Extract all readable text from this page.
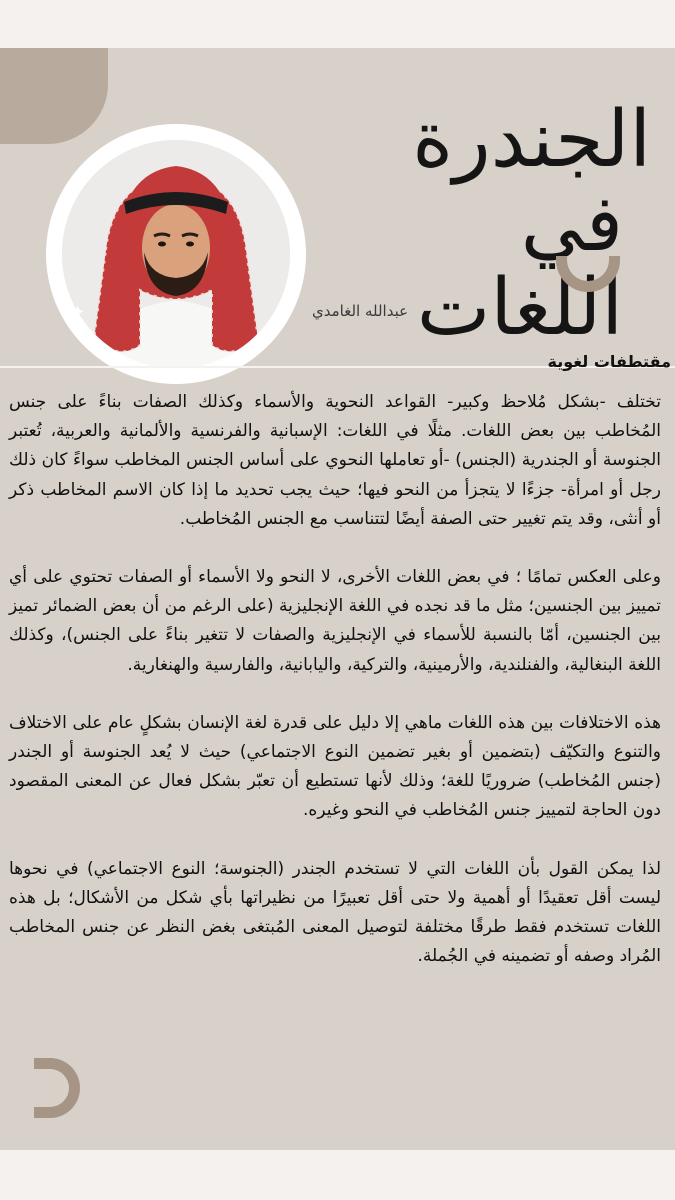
✦
الجندرة
في اللغات
عبدالله الغامدي
مقتطفات لغوية

تختلف -بشكل مُلاحظ وكبير- القواعد النحوية والأسماء وكذلك الصفات بناءً على جنس المُخاطب بين بعض اللغات. مثلًا في اللغات: الإسبانية والفرنسية والألمانية والعربية، تُعتبر الجنوسة أو الجندرية (الجنس) -أو تعاملها النحوي على أساس الجنس المخاطب سواءً كان ذلك رجل أو امرأة- جزءًا لا يتجزأ من النحو فيها؛ حيث يجب تحديد ما إذا كان الاسم المخاطب ذكر أو أنثى، وقد يتم تغيير حتى الصفة أيضًا لتتناسب مع الجنس المُخاطب.

وعلى العكس تمامًا ؛ في بعض اللغات الأخرى، لا النحو ولا الأسماء أو الصفات تحتوي على أي تمييز بين الجنسين؛ مثل ما قد نجده في اللغة الإنجليزية (على الرغم من أن بعض الضمائر تميز بين الجنسين، أمّا بالنسبة للأسماء في الإنجليزية والصفات لا تتغير بناءً على الجنس)، وكذلك اللغة البنغالية، والفنلندية، والأرمينية، والتركية، واليابانية، والفارسية والهنغارية.

هذه الاختلافات بين هذه اللغات ماهي إلا دليل على قدرة لغة الإنسان بشكلٍ عام على الاختلاف والتنوع والتكيّف (بتضمين أو بغير تضمين النوع الاجتماعي) حيث لا يُعد الجنوسة أو الجندر (جنس المُخاطب) ضروريًا للغة؛ وذلك لأنها تستطيع أن تعبّر بشكل فعال عن المعنى المقصود دون الحاجة لتمييز جنس المُخاطب في النحو وغيره.

لذا يمكن القول بأن اللغات التي لا تستخدم الجندر (الجنوسة؛ النوع الاجتماعي) في نحوها ليست أقل تعقيدًا أو أهمية ولا حتى أقل تعبيرًا من نظيراتها بأي شكل من الأشكال؛ بل هذه اللغات تستخدم فقط طرقًا مختلفة لتوصيل المعنى المُبتغى بغض النظر عن جنس المخاطب المُراد وصفه أو تضمينه في الجُملة.
